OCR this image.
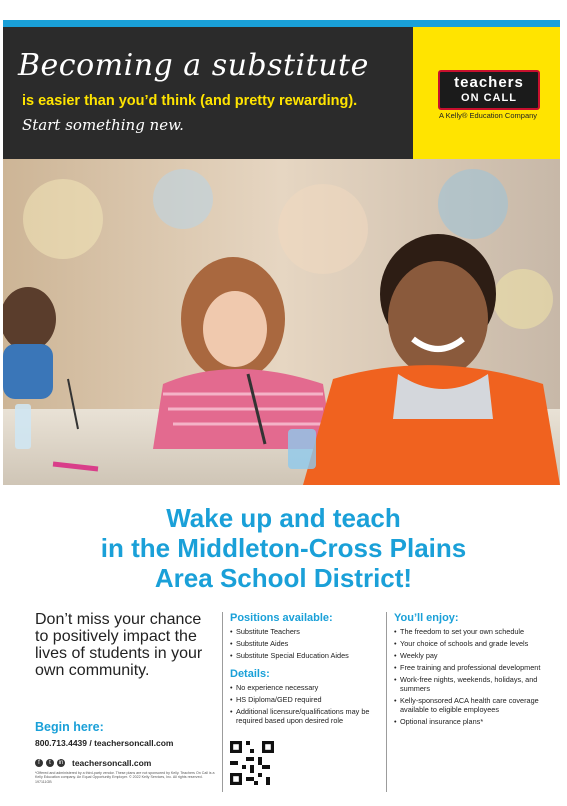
Becoming a substitute
is easier than you’d think (and pretty rewarding).
Start something new.
teachers
ON CALL
A Kelly® Education Company
Wake up and teach
in the Middleton-Cross Plains
Area School District!
Don’t miss your chance to positively impact the lives of students in your own community.
Begin here:
800.713.4439 / teachersoncall.com
f	t	in teachersoncall.com
*Offered and administered by a third-party vendor. These plans are not sponsored by Kelly. Teachers On Call is a Kelly Education company. An Equal Opportunity Employer. © 2022 Kelly Services, Inc. All rights reserved. 197111GB
Positions available:
• Substitute Teachers
• Substitute Aides
• Substitute Special Education Aides
Details:
• No experience necessary
• HS Diploma/GED required
• Additional licensure/qualifications may be required based upon desired role
You’ll enjoy:
• The freedom to set your own schedule
• Your choice of schools and grade levels
• Weekly pay
• Free training and professional development
• Work-free nights, weekends, holidays, and summers
• Kelly-sponsored ACA health care coverage available to eligible employees
• Optional insurance plans*
